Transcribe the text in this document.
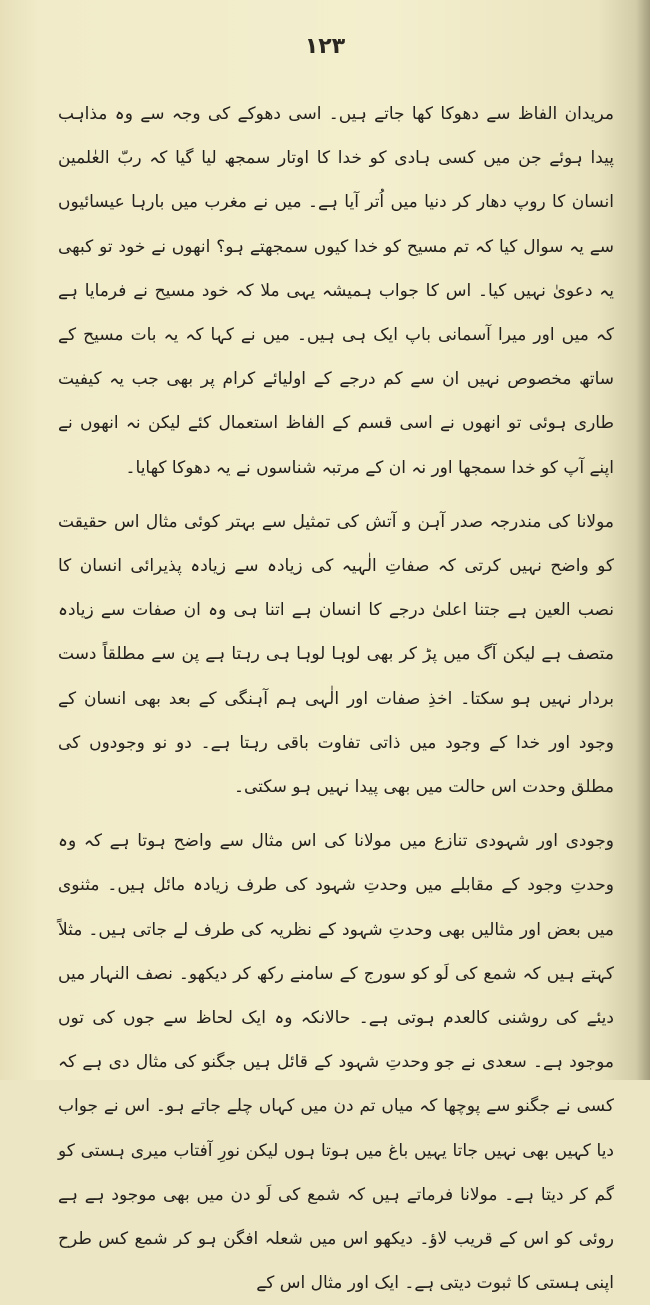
۱۲۳

مریدان الفاظ سے دھوکا کھا جاتے ہیں۔ اسی دھوکے کی وجہ سے وہ مذاہب پیدا ہوئے جن میں کسی ہادی کو خدا کا اوتار سمجھ لیا گیا کہ ربّ العٰلمین انسان کا روپ دھار کر دنیا میں اُتر آیا ہے۔ میں نے مغرب میں بارہا عیسائیوں سے یہ سوال کیا کہ تم مسیح کو خدا کیوں سمجھتے ہو؟ انھوں نے خود تو کبھی یہ دعویٰ نہیں کیا۔ اس کا جواب ہمیشہ یہی ملا کہ خود مسیح نے فرمایا ہے کہ میں اور میرا آسمانی باپ ایک ہی ہیں۔ میں نے کہا کہ یہ بات مسیح کے ساتھ مخصوص نہیں ان سے کم درجے کے اولیائے کرام پر بھی جب یہ کیفیت طاری ہوئی تو انھوں نے اسی قسم کے الفاظ استعمال کئے لیکن نہ انھوں نے اپنے آپ کو خدا سمجھا اور نہ ان کے مرتبہ شناسوں نے یہ دھوکا کھایا۔

مولانا کی مندرجہ صدر آہن و آتش کی تمثیل سے بہتر کوئی مثال اس حقیقت کو واضح نہیں کرتی کہ صفاتِ الٰہیہ کی زیادہ سے زیادہ پذیرائی انسان کا نصب العین ہے جتنا اعلیٰ درجے کا انسان ہے اتنا ہی وہ ان صفات سے زیادہ متصف ہے لیکن آگ میں پڑ کر بھی لوہا لوہا ہی رہتا ہے پن سے مطلقاً دست بردار نہیں ہو سکتا۔ اخذِ صفات اور الٰہی ہم آہنگی کے بعد بھی انسان کے وجود اور خدا کے وجود میں ذاتی تفاوت باقی رہتا ہے۔ دو نو وجودوں کی مطلق وحدت اس حالت میں بھی پیدا نہیں ہو سکتی۔

وجودی اور شہودی تنازع میں مولانا کی اس مثال سے واضح ہوتا ہے کہ وہ وحدتِ وجود کے مقابلے میں وحدتِ شہود کی طرف زیادہ مائل ہیں۔ مثنوی میں بعض اور مثالیں بھی وحدتِ شہود کے نظریہ کی طرف لے جاتی ہیں۔ مثلاً کہتے ہیں کہ شمع کی لَو کو سورج کے سامنے رکھ کر دیکھو۔ نصف النہار میں دیئے کی روشنی کالعدم ہوتی ہے۔ حالانکہ وہ ایک لحاظ سے جوں کی توں موجود ہے۔ سعدی نے جو وحدتِ شہود کے قائل ہیں جگنو کی مثال دی ہے کہ کسی نے جگنو سے پوچھا کہ میاں تم دن میں کہاں چلے جاتے ہو۔ اس نے جواب دیا کہیں بھی نہیں جاتا یہیں باغ میں ہوتا ہوں لیکن نورِ آفتاب میری ہستی کو گم کر دیتا ہے۔ مولانا فرماتے ہیں کہ شمع کی لَو دن میں بھی موجود ہے ہے روئی کو اس کے قریب لاؤ۔ دیکھو اس میں شعلہ افگن ہو کر شمع کس طرح اپنی ہستی کا ثبوت دیتی ہے۔ ایک اور مثال اس کے
